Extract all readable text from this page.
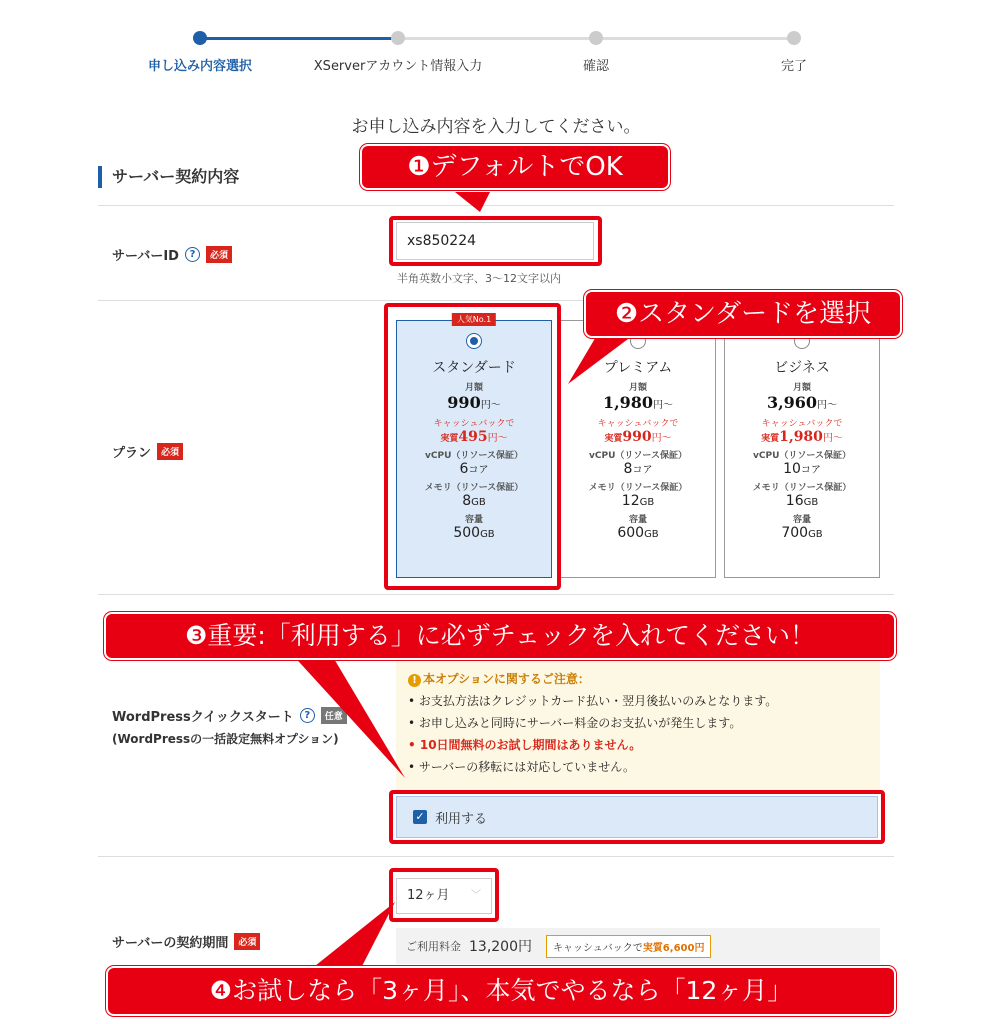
申し込み内容選択	XServerアカウント情報入力	確認	完了
お申し込み内容を入力してください。
サーバー契約内容
サーバーID	?	必須
xs850224
半角英数小文字、3〜12文字以内
プラン	必須
人気No.1
スタンダード
月額
990円〜
キャッシュバックで
実質495円〜
vCPU（リソース保証）
6コア
メモリ（リソース保証）
8GB
容量
500GB
プレミアム
月額
1,980円〜
キャッシュバックで
実質990円〜
vCPU（リソース保証）
8コア
メモリ（リソース保証）
12GB
容量
600GB
ビジネス
月額
3,960円〜
キャッシュバックで
実質1,980円〜
vCPU（リソース保証）
10コア
メモリ（リソース保証）
16GB
容量
700GB
WordPressクイックスタート	?	任意
(WordPressの一括設定無料オプション)
! 本オプションに関するご注意：
• お支払方法はクレジットカード払い・翌月後払いのみとなります。
• お申し込みと同時にサーバー料金のお支払いが発生します。
• 10日間無料のお試し期間はありません。
• サーバーの移転には対応していません。
✓ 利用する
サーバーの契約期間	必須
12ヶ月 ﹀
ご利用料金 13,200円	キャッシュバックで実質6,600円
❶デフォルトでOK
❷スタンダードを選択
❸重要:「利用する」に必ずチェックを入れてください！
❹お試しなら「3ヶ月」、本気でやるなら「12ヶ月」
